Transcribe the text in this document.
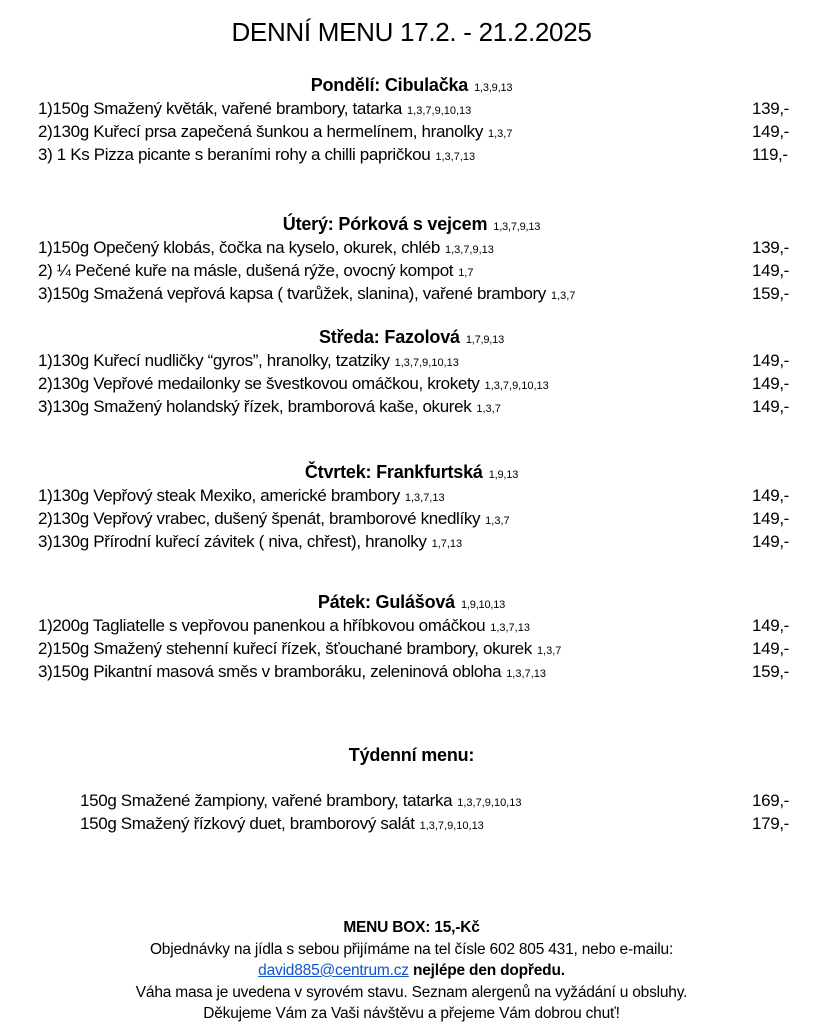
DENNÍ MENU 17.2. - 21.2.2025
Pondělí: Cibulačka 1,3,9,13
1)150g Smažený květák, vařené brambory, tatarka 1,3,7,9,10,13	139,-
2)130g Kuřecí prsa zapečená šunkou a hermelínem, hranolky 1,3,7	149,-
3) 1 Ks Pizza picante s beraními rohy a chilli papričkou 1,3,7,13	119,-
Úterý: Pórková s vejcem 1,3,7,9,13
1)150g Opečený klobás, čočka na kyselo, okurek, chléb 1,3,7,9,13	139,-
2) ¼ Pečené kuře na másle, dušená rýže, ovocný kompot 1,7	149,-
3)150g Smažená vepřová kapsa ( tvarůžek, slanina), vařené brambory 1,3,7	159,-
Středa: Fazolová 1,7,9,13
1)130g Kuřecí nudličky “gyros”, hranolky, tzatziky 1,3,7,9,10,13	149,-
2)130g Vepřové medailonky se švestkovou omáčkou, krokety 1,3,7,9,10,13	149,-
3)130g Smažený holandský řízek, bramborová kaše, okurek 1,3,7	149,-
Čtvrtek: Frankfurtská 1,9,13
1)130g Vepřový steak Mexiko, americké brambory 1,3,7,13	149,-
2)130g Vepřový vrabec, dušený špenát, bramborové knedlíky 1,3,7	149,-
3)130g Přírodní kuřecí závitek ( niva, chřest), hranolky 1,7,13	149,-
Pátek: Gulášová 1,9,10,13
1)200g Tagliatelle s vepřovou panenkou a hříbkovou omáčkou 1,3,7,13	149,-
2)150g Smažený stehenní kuřecí řízek, šťouchané brambory, okurek 1,3,7	149,-
3)150g Pikantní masová směs v bramboráku, zeleninová obloha 1,3,7,13	159,-
Týdenní menu:
150g Smažené žampiony, vařené brambory, tatarka 1,3,7,9,10,13	169,-
150g Smažený řízkový duet, bramborový salát 1,3,7,9,10,13	179,-
MENU BOX: 15,-Kč
Objednávky na jídla s sebou přijímáme na tel čísle 602 805 431, nebo e-mailu:
david885@centrum.cz nejlépe den dopředu.
Váha masa je uvedena v syrovém stavu. Seznam alergenů na vyžádání u obsluhy.
Děkujeme Vám za Vaši návštěvu a přejeme Vám dobrou chuť!
